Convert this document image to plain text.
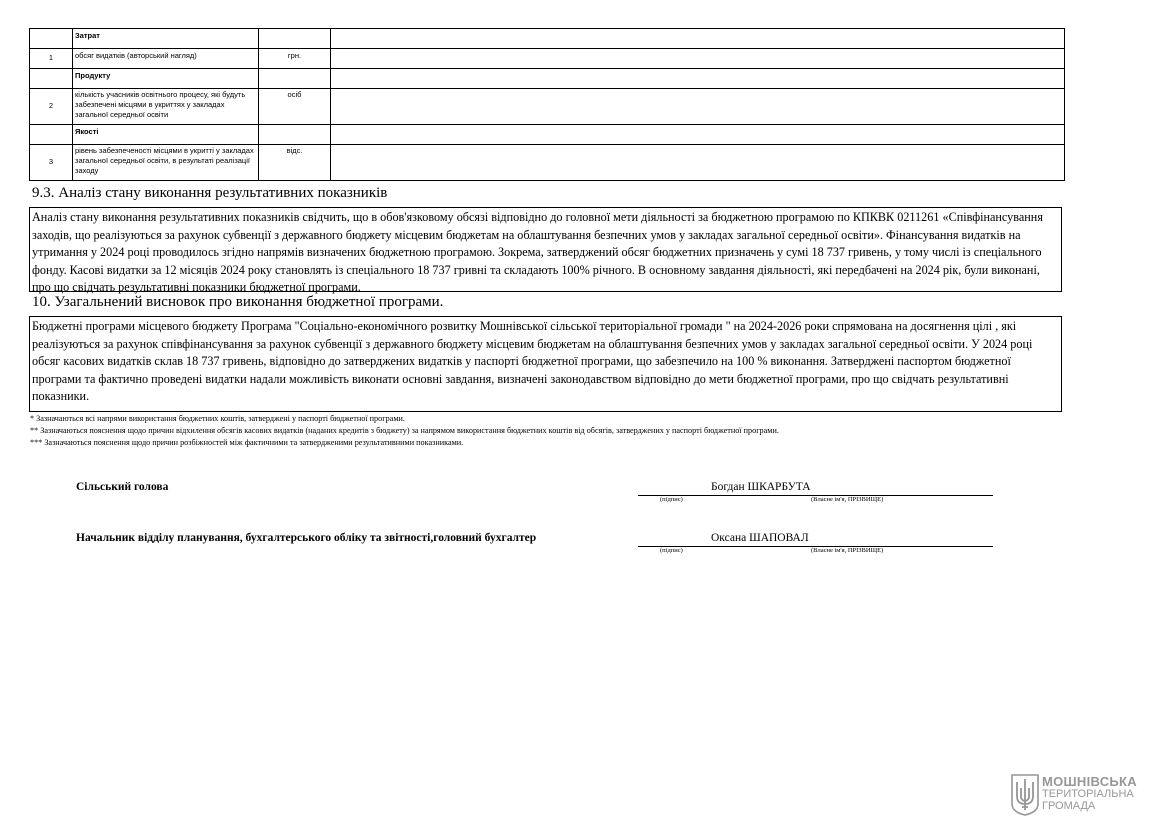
	Затрат		
1	обсяг видатків (авторський нагляд)	грн.	
	Продукту		
2	кількість учасників освітнього процесу, які будуть забезпечені місцями в укриттях у закладах загальної середньої освіти	осіб	
	Якості		
3	рівень забезпеченості місцями в укритті у закладах загальної середньої освіти, в результаті реалізації заходу	відс.	
9.3. Аналіз стану виконання результативних показників
Аналіз стану виконання результативних показників свідчить, що в обов'язковому обсязі відповідно до головної мети діяльності за бюджетною програмою по КПКВК 0211261 «Співфінансування заходів, що реалізуються за рахунок субвенції з державного бюджету місцевим бюджетам на облаштування безпечних умов у закладах загальної середньої освіти». Фінансування видатків на утримання у 2024 році проводилось згідно напрямів визначених бюджетною програмою. Зокрема, затверджений обсяг бюджетних призначень у сумі 18 737 гривень, у тому числі із спеціального фонду. Касові видатки за 12 місяців 2024 року становлять із спеціального 18 737 гривні та складають 100% річного. В основному завдання діяльності, які передбачені на 2024 рік, були виконані, про що свідчать результативні показники бюджетної програми.
10. Узагальнений висновок про виконання бюджетної програми.
Бюджетні програми місцевого бюджету Програма "Соціально-економічного розвитку Мошнівської сільської територіальної громади " на 2024-2026 роки спрямована на досягнення цілі , які реалізуються за рахунок співфінансування за рахунок субвенції з державного бюджету місцевим бюджетам на облаштування безпечних умов у закладах загальної середньої освіти. У 2024 році обсяг касових видатків склав 18 737 гривень, відповідно до затверджених видатків у паспорті бюджетної програми, що забезпечило на 100 % виконання. Затверджені паспортом бюджетної програми та фактично проведені видатки надали можливість виконати основні завдання, визначені законодавством відповідно до мети бюджетної програми, про що свідчать результативні показники.
* Зазначаються всі напрями використання бюджетних коштів, затверджені у паспорті бюджетної програми.
** Зазначаються пояснення щодо причин відхилення обсягів касових видатків (наданих кредитів з бюджету) за напрямом використання бюджетних коштів від обсягів, затверджених у паспорті бюджетної програми.
*** Зазначаються пояснення щодо причин розбіжностей між фактичними та затвердженими результативними показниками.
Сільський голова	Богдан ШКАРБУТА
(підпис)	(Власне ім'я, ПРІЗВИЩЕ)
Начальник відділу планування, бухгалтерського обліку та звітності,головний бухгалтер	Оксана ШАПОВАЛ
(підпис)	(Власне ім'я, ПРІЗВИЩЕ)
МОШНІВСЬКА
ТЕРИТОРІАЛЬНА
ГРОМАДА
